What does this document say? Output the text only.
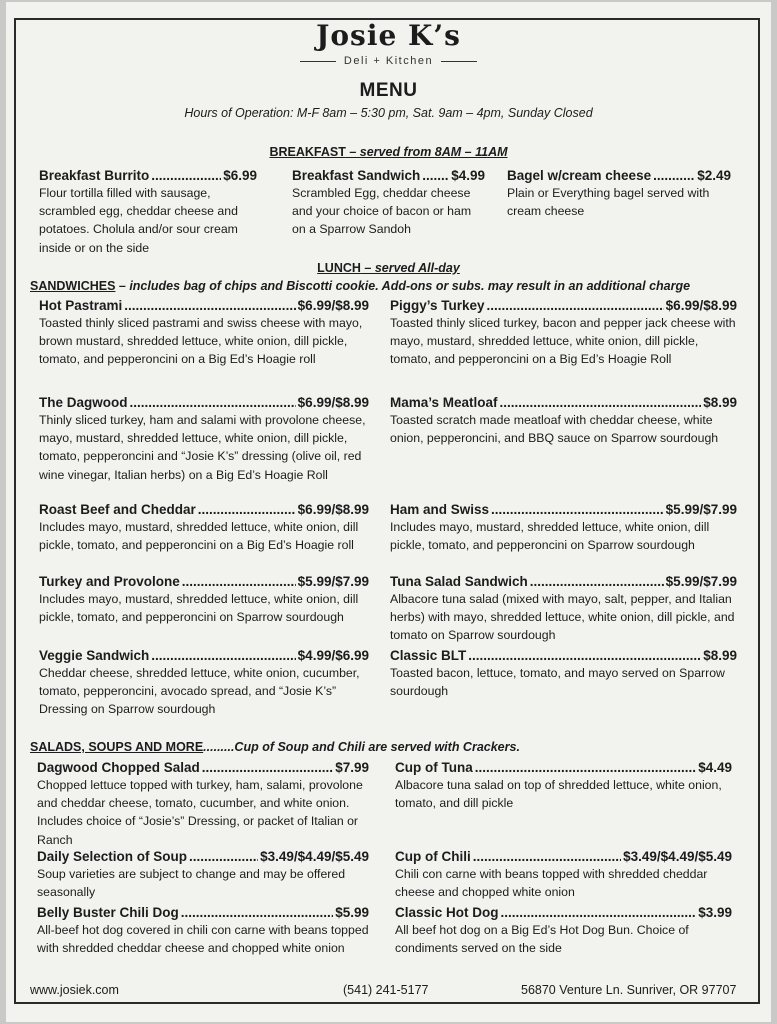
Josie K’s
Deli + Kitchen
MENU
Hours of Operation: M-F 8am – 5:30 pm, Sat. 9am – 4pm, Sunday Closed
BREAKFAST – served from 8AM – 11AM
Breakfast Burrito .....	$6.99
Flour tortilla filled with sausage, scrambled egg, cheddar cheese and potatoes. Cholula and/or sour cream inside or on the side
Breakfast Sandwich ..... $4.99
Scrambled Egg, cheddar cheese and your choice of bacon or ham on a Sparrow Sandoh
Bagel w/cream cheese .....	$2.49
Plain or Everything bagel served with cream cheese
LUNCH – served All-day
SANDWICHES – includes bag of chips and Biscotti cookie. Add-ons or subs. may result in an additional charge
Hot Pastrami .....	$6.99/$8.99
Toasted thinly sliced pastrami and swiss cheese with mayo, brown mustard, shredded lettuce, white onion, dill pickle, tomato, and pepperoncini on a Big Ed’s Hoagie roll
Piggy’s Turkey .....	$6.99/$8.99
Toasted thinly sliced turkey, bacon and pepper jack cheese with mayo, mustard, shredded lettuce, white onion, dill pickle, tomato, and pepperoncini on a Big Ed’s Hoagie Roll
The Dagwood .....	$6.99/$8.99
Thinly sliced turkey, ham and salami with provolone cheese, mayo, mustard, shredded lettuce, white onion, dill pickle, tomato, pepperoncini and “Josie K’s” dressing (olive oil, red wine vinegar, Italian herbs) on a Big Ed’s Hoagie Roll
Mama’s Meatloaf .....	$8.99
Toasted scratch made meatloaf with cheddar cheese, white onion, pepperoncini, and BBQ sauce on Sparrow sourdough
Roast Beef and Cheddar .....	$6.99/$8.99
Includes mayo, mustard, shredded lettuce, white onion, dill pickle, tomato, and pepperoncini on a Big Ed’s Hoagie roll
Ham and Swiss .....	$5.99/$7.99
Includes mayo, mustard, shredded lettuce, white onion, dill pickle, tomato, and pepperoncini on Sparrow sourdough
Turkey and Provolone .....	$5.99/$7.99
Includes mayo, mustard, shredded lettuce, white onion, dill pickle, tomato, and pepperoncini on Sparrow sourdough
Tuna Salad Sandwich .....	$5.99/$7.99
Albacore tuna salad (mixed with mayo, salt, pepper, and Italian herbs) with mayo, shredded lettuce, white onion, dill pickle, and tomato on Sparrow sourdough
Veggie Sandwich .....	$4.99/$6.99
Cheddar cheese, shredded lettuce, white onion, cucumber, tomato, pepperoncini, avocado spread, and “Josie K’s” Dressing on Sparrow sourdough
Classic BLT .....	$8.99
Toasted bacon, lettuce, tomato, and mayo served on Sparrow sourdough
SALADS, SOUPS AND MORE.........Cup of Soup and Chili are served with Crackers.
Dagwood Chopped Salad .....	$7.99
Chopped lettuce topped with turkey, ham, salami, provolone and cheddar cheese, tomato, cucumber, and white onion. Includes choice of “Josie’s” Dressing, or packet of Italian or Ranch
Cup of Tuna .....	$4.49
Albacore tuna salad on top of shredded lettuce, white onion, tomato, and dill pickle
Daily Selection of Soup .....	$3.49/$4.49/$5.49
Soup varieties are subject to change and may be offered seasonally
Cup of Chili .....	$3.49/$4.49/$5.49
Chili con carne with beans topped with shredded cheddar cheese and chopped white onion
Belly Buster Chili Dog .....	$5.99
All-beef hot dog covered in chili con carne with beans topped with shredded cheddar cheese and chopped white onion
Classic Hot Dog .....	$3.99
All beef hot dog on a Big Ed’s Hot Dog Bun. Choice of condiments served on the side
www.josiek.com	(541) 241-5177	56870 Venture Ln. Sunriver, OR 97707
